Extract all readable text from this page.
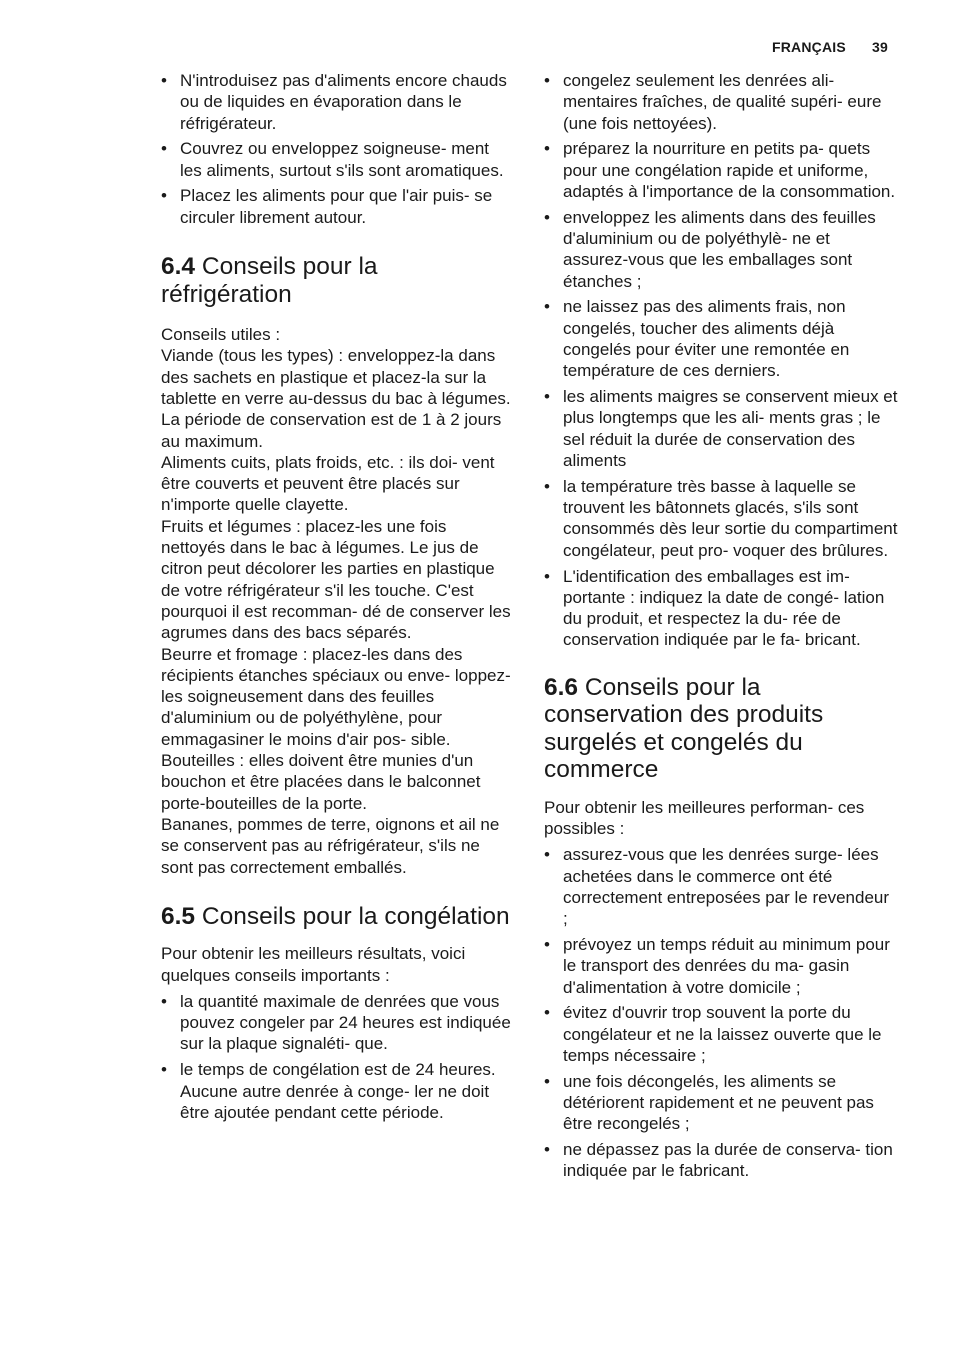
FRANÇAIS 39
• N'introduisez pas d'aliments encore chauds ou de liquides en évaporation dans le réfrigérateur.
• Couvrez ou enveloppez soigneuse- ment les aliments, surtout s'ils sont aromatiques.
• Placez les aliments pour que l'air puis- se circuler librement autour.
6.4 Conseils pour la réfrigération
Conseils utiles :
Viande (tous les types) : enveloppez-la dans des sachets en plastique et placez-la sur la tablette en verre au-dessus du bac à légumes.
La période de conservation est de 1 à 2 jours au maximum.
Aliments cuits, plats froids, etc. : ils doi- vent être couverts et peuvent être placés sur n'importe quelle clayette.
Fruits et légumes : placez-les une fois nettoyés dans le bac à légumes. Le jus de citron peut décolorer les parties en plastique de votre réfrigérateur s'il les touche. C'est pourquoi il est recomman- dé de conserver les agrumes dans des bacs séparés.
Beurre et fromage : placez-les dans des récipients étanches spéciaux ou enve- loppez-les soigneusement dans des feuilles d'aluminium ou de polyéthylène, pour emmagasiner le moins d'air pos- sible.
Bouteilles : elles doivent être munies d'un bouchon et être placées dans le balconnet porte-bouteilles de la porte.
Bananes, pommes de terre, oignons et ail ne se conservent pas au réfrigérateur, s'ils ne sont pas correctement emballés.
6.5 Conseils pour la congélation

Pour obtenir les meilleurs résultats, voici quelques conseils importants :

• la quantité maximale de denrées que vous pouvez congeler par 24 heures est indiquée sur la plaque signaléti- que.
• le temps de congélation est de 24 heures. Aucune autre denrée à conge- ler ne doit être ajoutée pendant cette période.
• congelez seulement les denrées ali- mentaires fraîches, de qualité supéri- eure (une fois nettoyées).
• préparez la nourriture en petits pa- quets pour une congélation rapide et uniforme, adaptés à l'importance de la consommation.
• enveloppez les aliments dans des feuilles d'aluminium ou de polyéthylè- ne et assurez-vous que les emballages sont étanches ;
• ne laissez pas des aliments frais, non congelés, toucher des aliments déjà congelés pour éviter une remontée en température de ces derniers.
• les aliments maigres se conservent mieux et plus longtemps que les ali- ments gras ; le sel réduit la durée de conservation des aliments
• la température très basse à laquelle se trouvent les bâtonnets glacés, s'ils sont consommés dès leur sortie du compartiment congélateur, peut pro- voquer des brûlures.
• L'identification des emballages est im- portante : indiquez la date de congé- lation du produit, et respectez la du- rée de conservation indiquée par le fa- bricant.
6.6 Conseils pour la conservation des produits surgelés et congelés du commerce

Pour obtenir les meilleures performan- ces possibles :

• assurez-vous que les denrées surge- lées achetées dans le commerce ont été correctement entreposées par le revendeur ;
• prévoyez un temps réduit au minimum pour le transport des denrées du ma- gasin d'alimentation à votre domicile ;
• évitez d'ouvrir trop souvent la porte du congélateur et ne la laissez ouverte que le temps nécessaire ;
• une fois décongelés, les aliments se détériorent rapidement et ne peuvent pas être recongelés ;
• ne dépassez pas la durée de conserva- tion indiquée par le fabricant.
